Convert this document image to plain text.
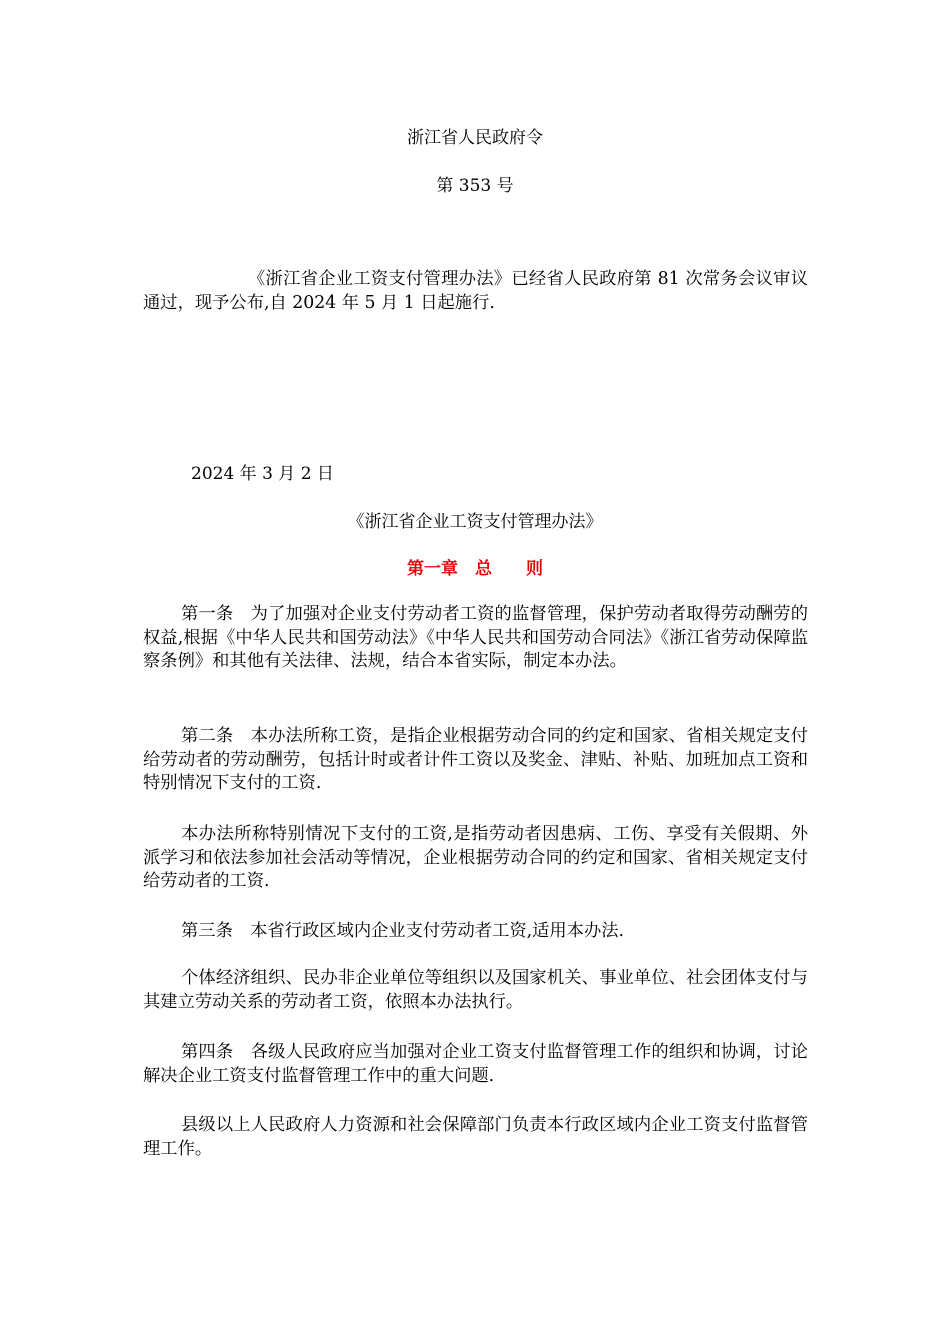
浙江省人民政府令
第 353 号
《浙江省企业工资支付管理办法》已经省人民政府第 81 次常务会议审议通过，现予公布,自 2024 年 5 月 1 日起施行.
2024 年 3 月 2 日
《浙江省企业工资支付管理办法》
第一章　总　　则
第一条　为了加强对企业支付劳动者工资的监督管理，保护劳动者取得劳动酬劳的权益,根据《中华人民共和国劳动法》《中华人民共和国劳动合同法》《浙江省劳动保障监察条例》和其他有关法律、法规，结合本省实际，制定本办法。
第二条　本办法所称工资，是指企业根据劳动合同的约定和国家、省相关规定支付给劳动者的劳动酬劳，包括计时或者计件工资以及奖金、津贴、补贴、加班加点工资和特别情况下支付的工资.
本办法所称特别情况下支付的工资,是指劳动者因患病、工伤、享受有关假期、外派学习和依法参加社会活动等情况，企业根据劳动合同的约定和国家、省相关规定支付给劳动者的工资.
第三条　本省行政区域内企业支付劳动者工资,适用本办法.
个体经济组织、民办非企业单位等组织以及国家机关、事业单位、社会团体支付与其建立劳动关系的劳动者工资，依照本办法执行。
第四条　各级人民政府应当加强对企业工资支付监督管理工作的组织和协调，讨论解决企业工资支付监督管理工作中的重大问题.
县级以上人民政府人力资源和社会保障部门负责本行政区域内企业工资支付监督管理工作。
